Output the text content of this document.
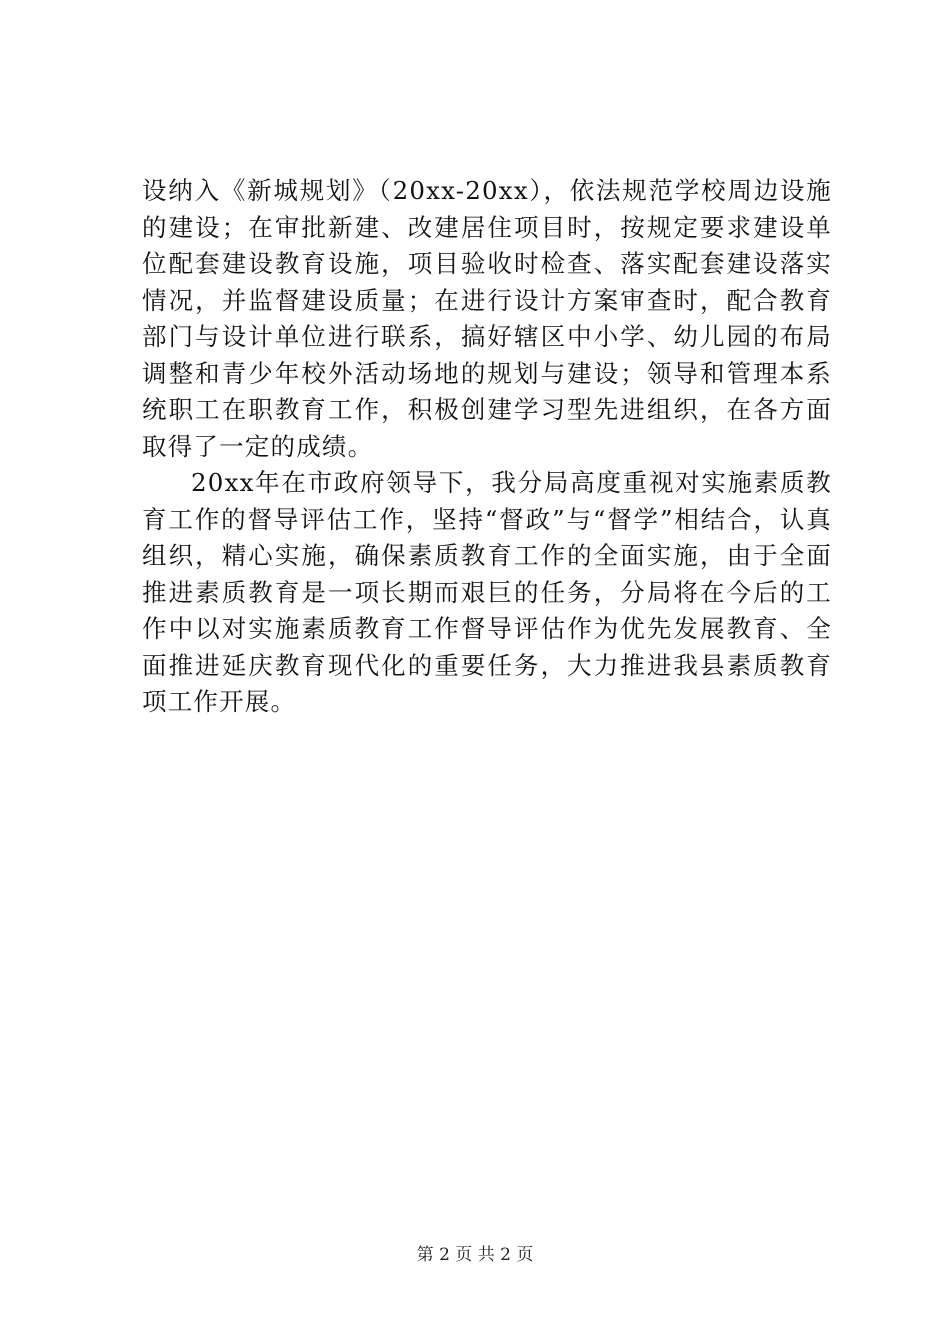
设纳入《新城规划》（20xx-20xx），依法规范学校周边设施的建设；在审批新建、改建居住项目时，按规定要求建设单位配套建设教育设施，项目验收时检查、落实配套建设落实情况，并监督建设质量；在进行设计方案审查时，配合教育部门与设计单位进行联系，搞好辖区中小学、幼儿园的布局调整和青少年校外活动场地的规划与建设；领导和管理本系统职工在职教育工作，积极创建学习型先进组织，在各方面取得了一定的成绩。

20xx年在市政府领导下，我分局高度重视对实施素质教育工作的督导评估工作，坚持“督政”与“督学”相结合，认真组织，精心实施，确保素质教育工作的全面实施，由于全面推进素质教育是一项长期而艰巨的任务，分局将在今后的工作中以对实施素质教育工作督导评估作为优先发展教育、全面推进延庆教育现代化的重要任务，大力推进我县素质教育项工作开展。

第 2 页 共 2 页
